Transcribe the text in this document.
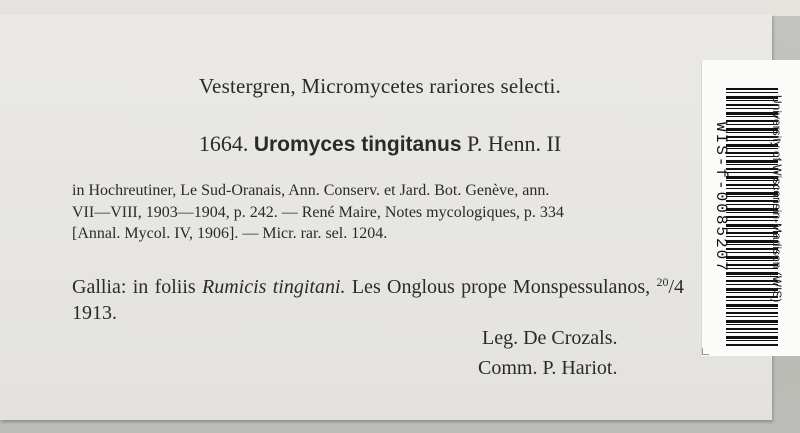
Vestergren, Micromycetes rariores selecti.
1664. Uromyces tingitanus P. Henn. II
in Hochreutiner, Le Sud-Oranais, Ann. Conserv. et Jard. Bot. Genève, ann.
VII—VIII, 1903—1904, p. 242. — René Maire, Notes mycologiques, p. 334
[Annal. Mycol. IV, 1906]. — Micr. rar. sel. 1204.
Gallia: in foliis Rumicis tingitani. Les Onglous prope Monspessulanos, $^{20}$/4 1913.
Leg. De Crozals.
Comm. P. Hariot.
WIS-f-0085207	University of Wisconsin-Madison (WIS)
